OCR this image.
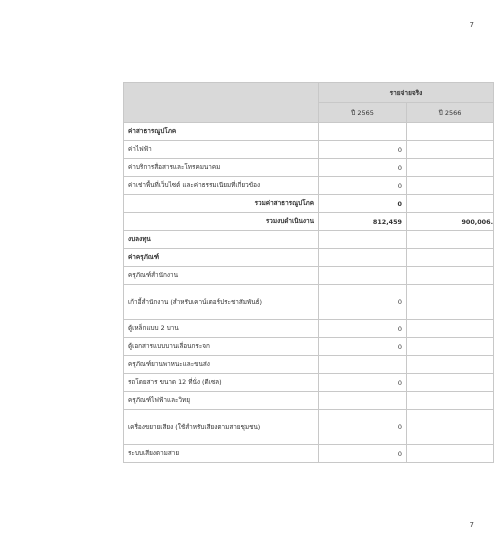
7
	รายจ่ายจริง	
	ปี 2565	ปี 2566
ค่าสาธารณูปโภค		
ค่าไฟฟ้า	0	
ค่าบริการสื่อสารและโทรคมนาคม	0	
ค่าเช่าพื้นที่เว็บไซต์ และค่าธรรมเนียมที่เกี่ยวข้อง	0	
รวมค่าสาธารณูปโภค	0	
รวมงบดำเนินงาน	812,459	900,006.
งบลงทุน		
ค่าครุภัณฑ์		
ครุภัณฑ์สำนักงาน		
เก้าอี้สำนักงาน (สำหรับเคาน์เตอร์ประชาสัมพันธ์)	0	
ตู้เหล็กแบบ 2 บาน	0	
ตู้เอกสารแบบบานเลื่อนกระจก	0	
ครุภัณฑ์ยานพาหนะและขนส่ง		
รถโดยสาร ขนาด 12 ที่นั่ง (ดีเซล)	0	
ครุภัณฑ์ไฟฟ้าและวิทยุ		
เครื่องขยายเสียง (ใช้สำหรับเสียงตามสายชุมชน)	0	
ระบบเสียงตามสาย	0	
7
